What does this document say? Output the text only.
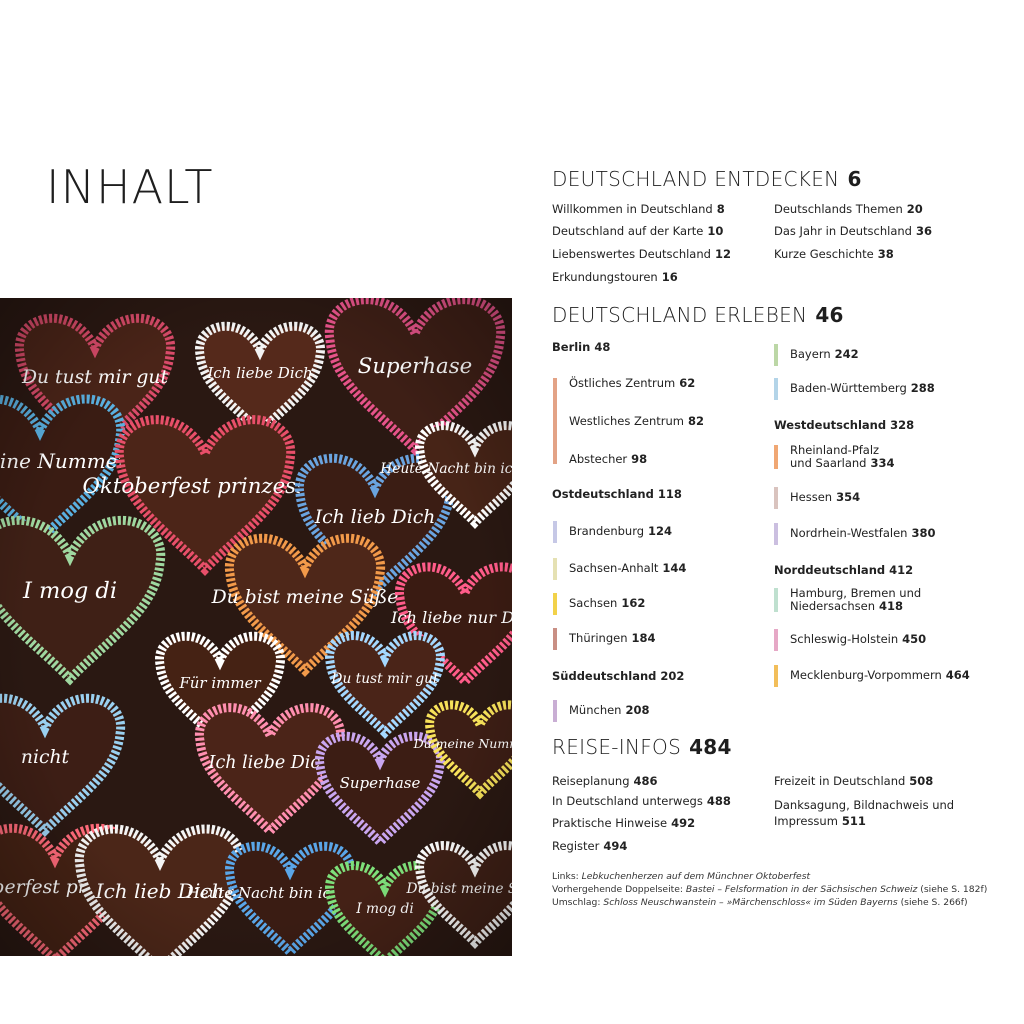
INHALT	DEUTSCHLAND ENTDECKEN 6
Willkommen in Deutschland 8
Deutschland auf der Karte 10
Liebenswertes Deutschland 12
Erkundungstouren 16
Deutschlands Themen 20
Das Jahr in Deutschland 36
Kurze Geschichte 38
DEUTSCHLAND ERLEBEN 46
Berlin 48
Östliches Zentrum 62
Westliches Zentrum 82
Abstecher 98
Ostdeutschland 118
Brandenburg 124
Sachsen-Anhalt 144
Sachsen 162
Thüringen 184
Süddeutschland 202
München 208
Bayern 242
Baden-Württemberg 288
Westdeutschland 328
Rheinland-Pfalz
und Saarland 334
Hessen 354
Nordrhein-Westfalen 380
Norddeutschland 412
Hamburg, Bremen und
Niedersachsen 418
Schleswig-Holstein 450
Mecklenburg-Vorpommern 464
REISE-INFOS 484
Reiseplanung 486
In Deutschland unterwegs 488
Praktische Hinweise 492
Register 494
Freizeit in Deutschland 508
Danksagung, Bildnachweis und
Impressum 511
Links: Lebkuchenherzen auf dem Münchner Oktoberfest
Vorhergehende Doppelseite: Bastei – Felsformation in der Sächsischen Schweiz (siehe S. 182f)
Umschlag: Schloss Neuschwanstein – »Märchenschloss« im Süden Bayerns (siehe S. 266f)
